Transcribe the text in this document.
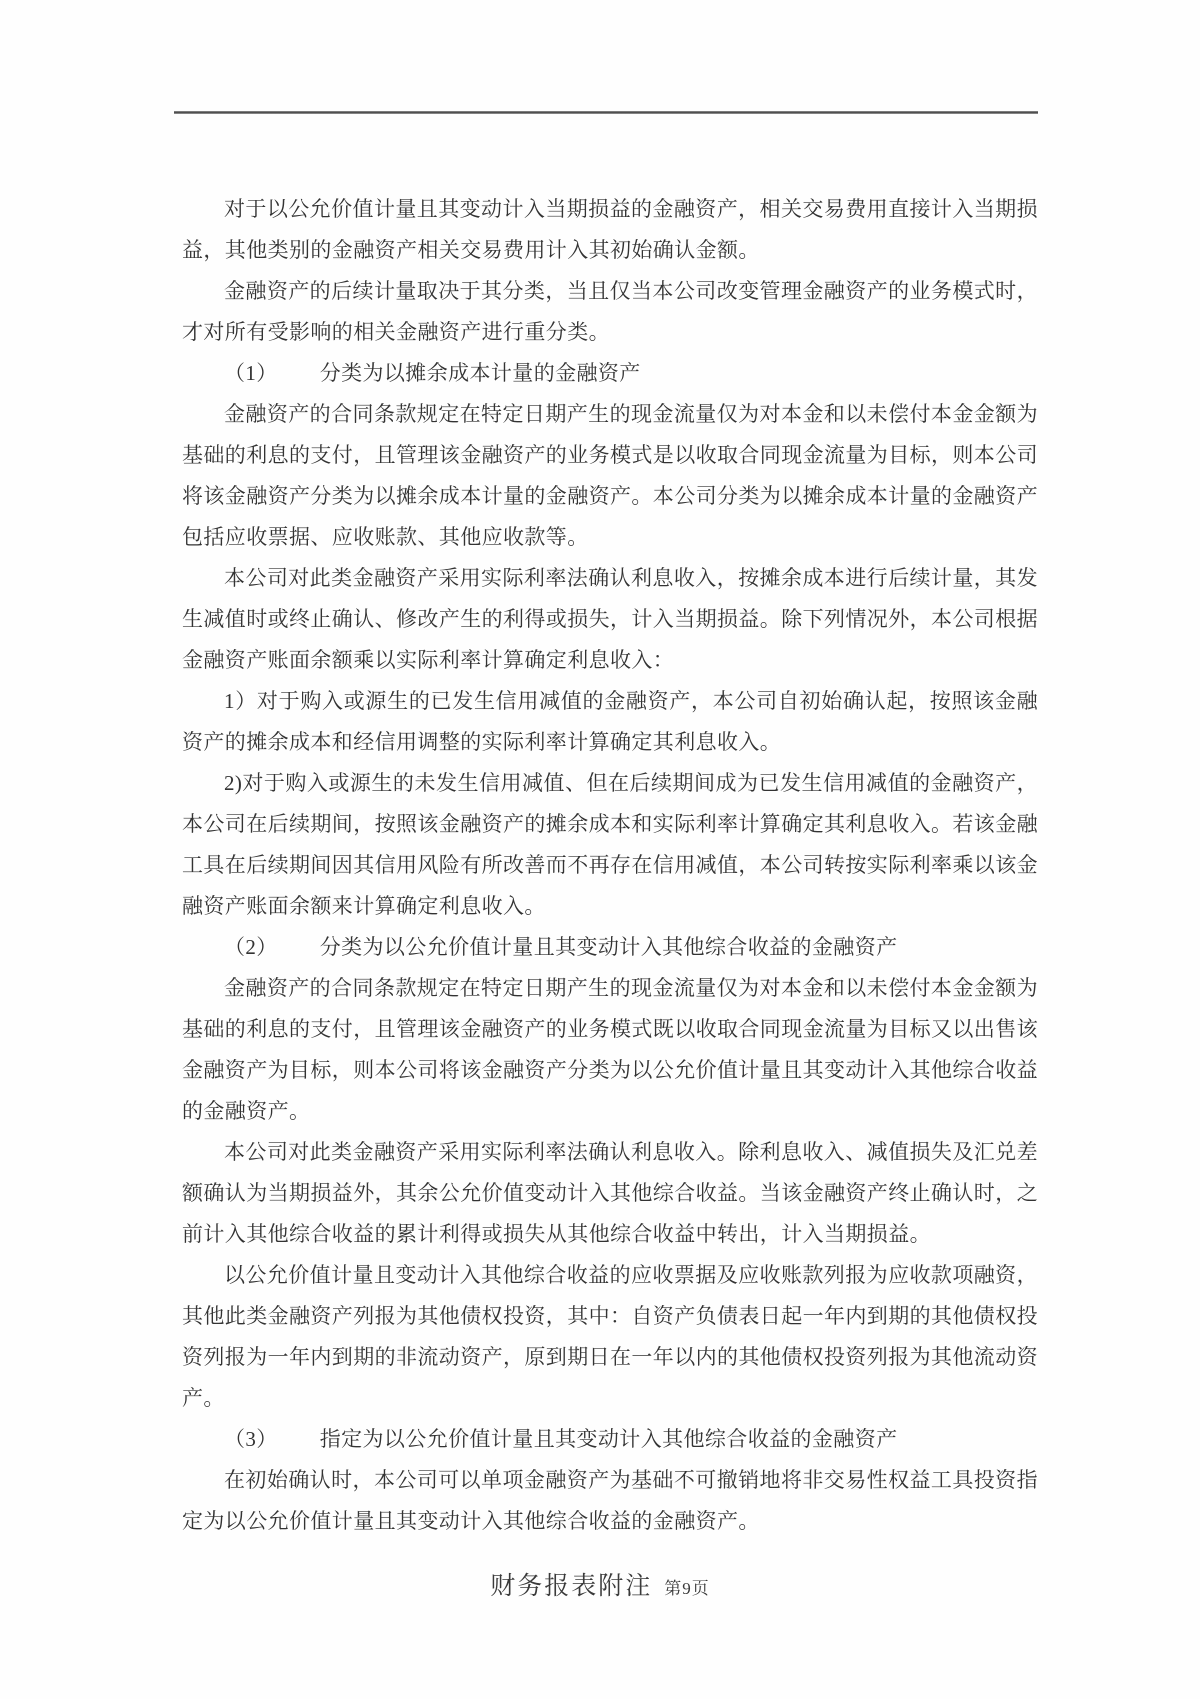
对于以公允价值计量且其变动计入当期损益的金融资产，相关交易费用直接计入当期损益，其他类别的金融资产相关交易费用计入其初始确认金额。

金融资产的后续计量取决于其分类，当且仅当本公司改变管理金融资产的业务模式时，才对所有受影响的相关金融资产进行重分类。

（1） 分类为以摊余成本计量的金融资产

金融资产的合同条款规定在特定日期产生的现金流量仅为对本金和以未偿付本金金额为基础的利息的支付，且管理该金融资产的业务模式是以收取合同现金流量为目标，则本公司将该金融资产分类为以摊余成本计量的金融资产。本公司分类为以摊余成本计量的金融资产包括应收票据、应收账款、其他应收款等。

本公司对此类金融资产采用实际利率法确认利息收入，按摊余成本进行后续计量，其发生减值时或终止确认、修改产生的利得或损失，计入当期损益。除下列情况外，本公司根据金融资产账面余额乘以实际利率计算确定利息收入：

1）对于购入或源生的已发生信用减值的金融资产，本公司自初始确认起，按照该金融资产的摊余成本和经信用调整的实际利率计算确定其利息收入。

2)对于购入或源生的未发生信用减值、但在后续期间成为已发生信用减值的金融资产，本公司在后续期间，按照该金融资产的摊余成本和实际利率计算确定其利息收入。若该金融工具在后续期间因其信用风险有所改善而不再存在信用减值，本公司转按实际利率乘以该金融资产账面余额来计算确定利息收入。

（2） 分类为以公允价值计量且其变动计入其他综合收益的金融资产

金融资产的合同条款规定在特定日期产生的现金流量仅为对本金和以未偿付本金金额为基础的利息的支付，且管理该金融资产的业务模式既以收取合同现金流量为目标又以出售该金融资产为目标，则本公司将该金融资产分类为以公允价值计量且其变动计入其他综合收益的金融资产。

本公司对此类金融资产采用实际利率法确认利息收入。除利息收入、减值损失及汇兑差额确认为当期损益外，其余公允价值变动计入其他综合收益。当该金融资产终止确认时，之前计入其他综合收益的累计利得或损失从其他综合收益中转出，计入当期损益。

以公允价值计量且变动计入其他综合收益的应收票据及应收账款列报为应收款项融资，其他此类金融资产列报为其他债权投资，其中：自资产负债表日起一年内到期的其他债权投资列报为一年内到期的非流动资产，原到期日在一年以内的其他债权投资列报为其他流动资产。

（3） 指定为以公允价值计量且其变动计入其他综合收益的金融资产

在初始确认时，本公司可以单项金融资产为基础不可撤销地将非交易性权益工具投资指定为以公允价值计量且其变动计入其他综合收益的金融资产。

财务报表附注 第9页
